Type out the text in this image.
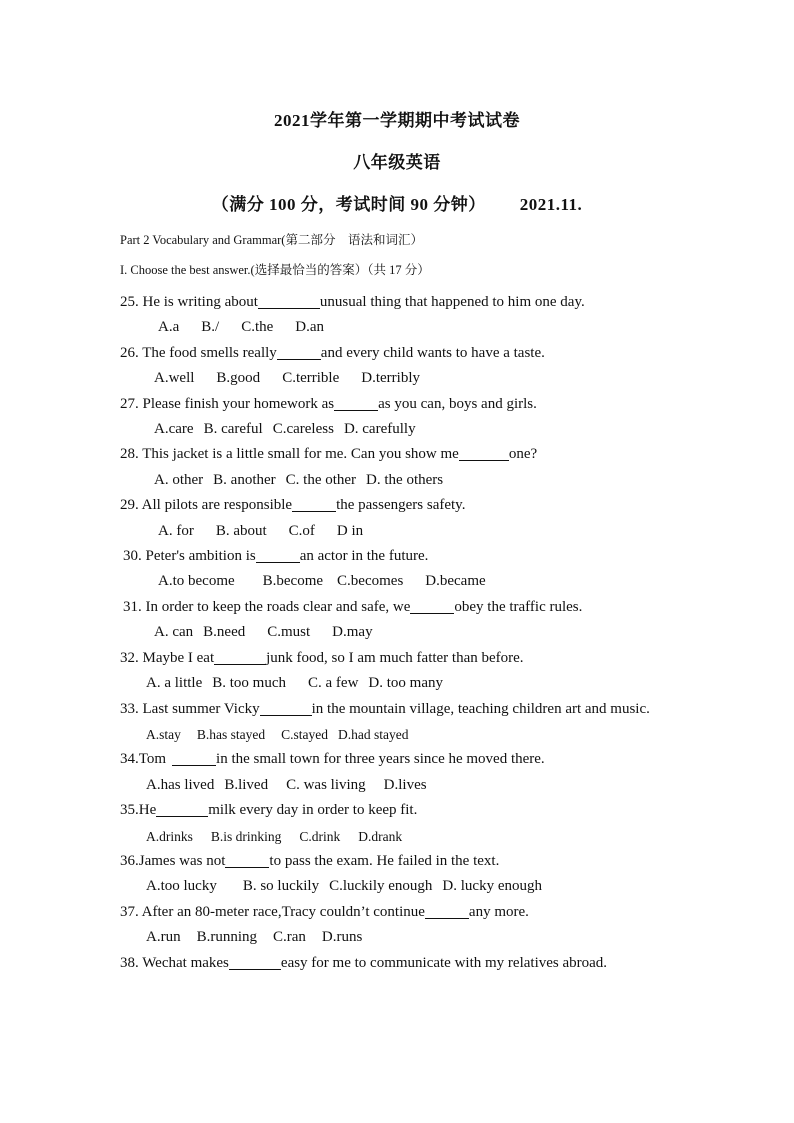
2021学年第一学期期中考试试卷
八年级英语
（满分 100 分，考试时间 90 分钟） 2021.11.
Part 2 Vocabulary and Grammar(第二部分　语法和词汇）
I. Choose the best answer.(选择最恰当的答案）（共 17 分）
25. He is writing about	unusual thing that happened to him one day.
A.a B./ C.the D.an
26. The food smells really	and every child wants to have a taste.
A.well B.good C.terrible D.terribly
27. Please finish your homework as	as you can, boys and girls.
A.care B. careful C.careless D. carefully
28. This jacket is a little small for me. Can you show me	one?
A. other B. another C. the other D. the others
29. All pilots are responsible	the passengers safety.
A. for B. about C.of D in
30. Peter's ambition is	an actor in the future.
A.to become B.become C.becomes D.became
31. In order to keep the roads clear and safe, we	obey the traffic rules.
A. can B.need C.must D.may
32. Maybe I eat	junk food, so I am much fatter than before.
A. a little B. too much C. a few D. too many
33. Last summer Vicky	in the mountain village, teaching children art and music.
A.stay B.has stayed C.stayed D.had stayed
34.Tom	in the small town for three years since he moved there.
A.has lived B.lived C. was living D.lives
35.He	milk every day in order to keep fit.
A.drinks B.is drinking C.drink D.drank
36.James was not	to pass the exam. He failed in the text.
A.too lucky B. so luckily C.luckily enough D. lucky enough
37. After an 80-meter race,Tracy couldn’t continue	any more.
A.run B.running C.ran D.runs
38. Wechat makes	easy for me to communicate with my relatives abroad.
